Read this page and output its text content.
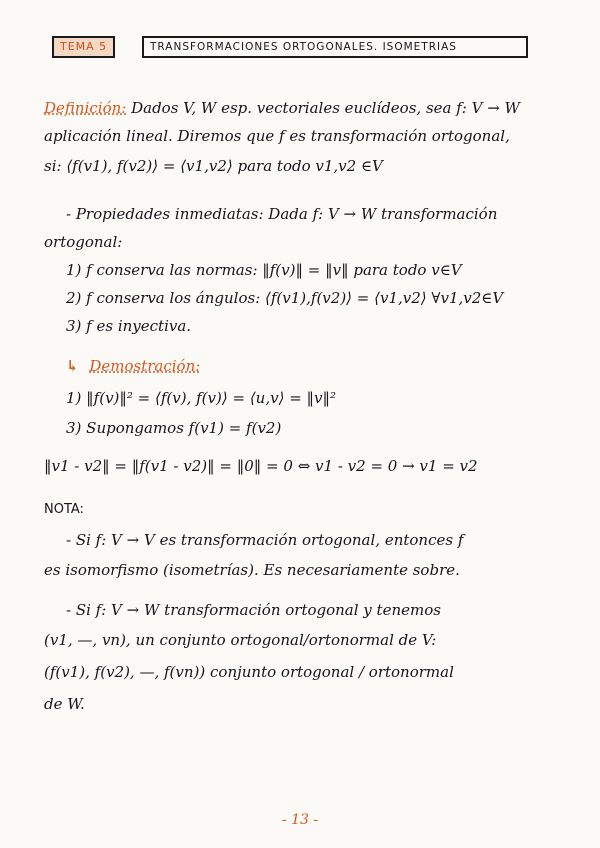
TEMA 5	TRANSFORMACIONES ORTOGONALES. ISOMETRIAS
Definición: Dados V, W esp. vectoriales euclídeos, sea f: V → W
aplicación lineal. Diremos que f es transformación ortogonal,
si: ⟨f(v1), f(v2)⟩ = ⟨v1,v2⟩ para todo v1,v2 ∈V
- Propiedades inmediatas: Dada f: V → W transformación
ortogonal:
1) f conserva las normas: ‖f(v)‖ = ‖v‖ para todo v∈V
2) f conserva los ángulos: ⟨f(v1),f(v2)⟩ = ⟨v1,v2⟩ ∀v1,v2∈V
3) f es inyectiva.
↳ Demostración:
1) ‖f(v)‖² = ⟨f(v), f(v)⟩ = ⟨u,v⟩ = ‖v‖²
3) Supongamos f(v1) = f(v2)
‖v1 - v2‖ = ‖f(v1 - v2)‖ = ‖0‖ = 0 ⇔ v1 - v2 = 0 → v1 = v2
NOTA:
- Si f: V → V es transformación ortogonal, entonces f
es isomorfismo (isometrías). Es necesariamente sobre.
- Si f: V → W transformación ortogonal y tenemos
(v1, —, vn), un conjunto ortogonal/ortonormal de V:
(f(v1), f(v2), —, f(vn)) conjunto ortogonal / ortonormal
de W.
- 13 -
